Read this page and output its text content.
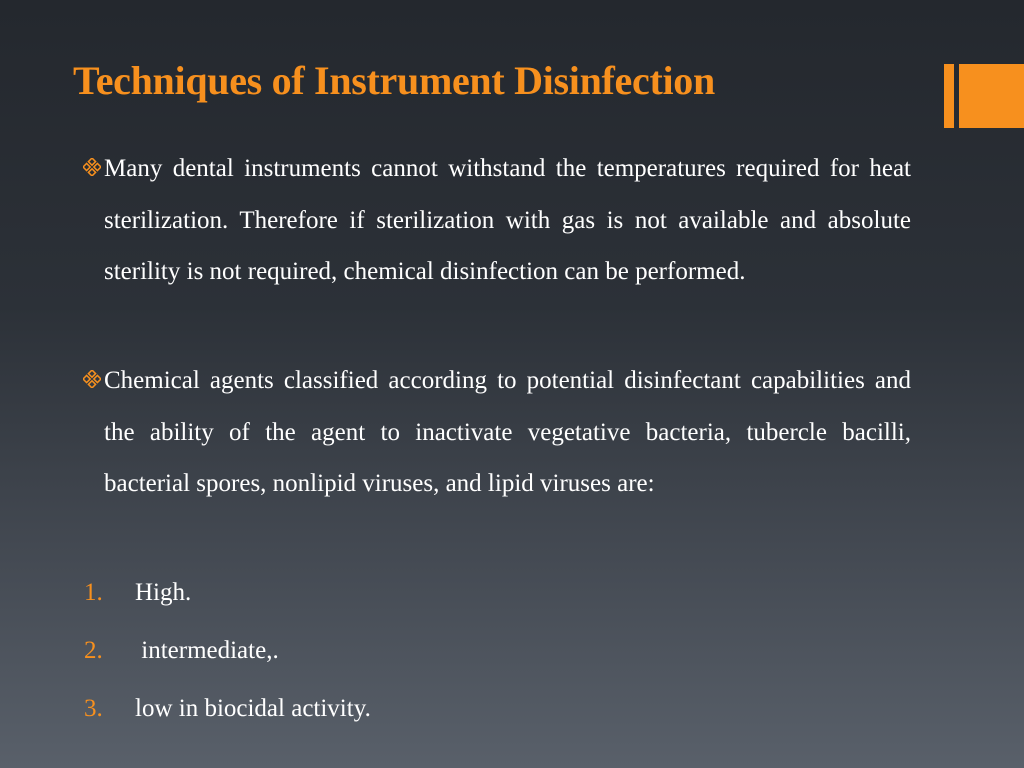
Techniques of Instrument Disinfection

Many dental instruments cannot withstand the temperatures required for heat sterilization. Therefore if sterilization with gas is not available and absolute sterility is not required, chemical disinfection can be performed.

Chemical agents classified according to potential disinfectant capabilities and the ability of the agent to inactivate vegetative bacteria, tubercle bacilli, bacterial spores, nonlipid viruses, and lipid viruses are:

1. High.
2. intermediate,.
3. low in biocidal activity.
